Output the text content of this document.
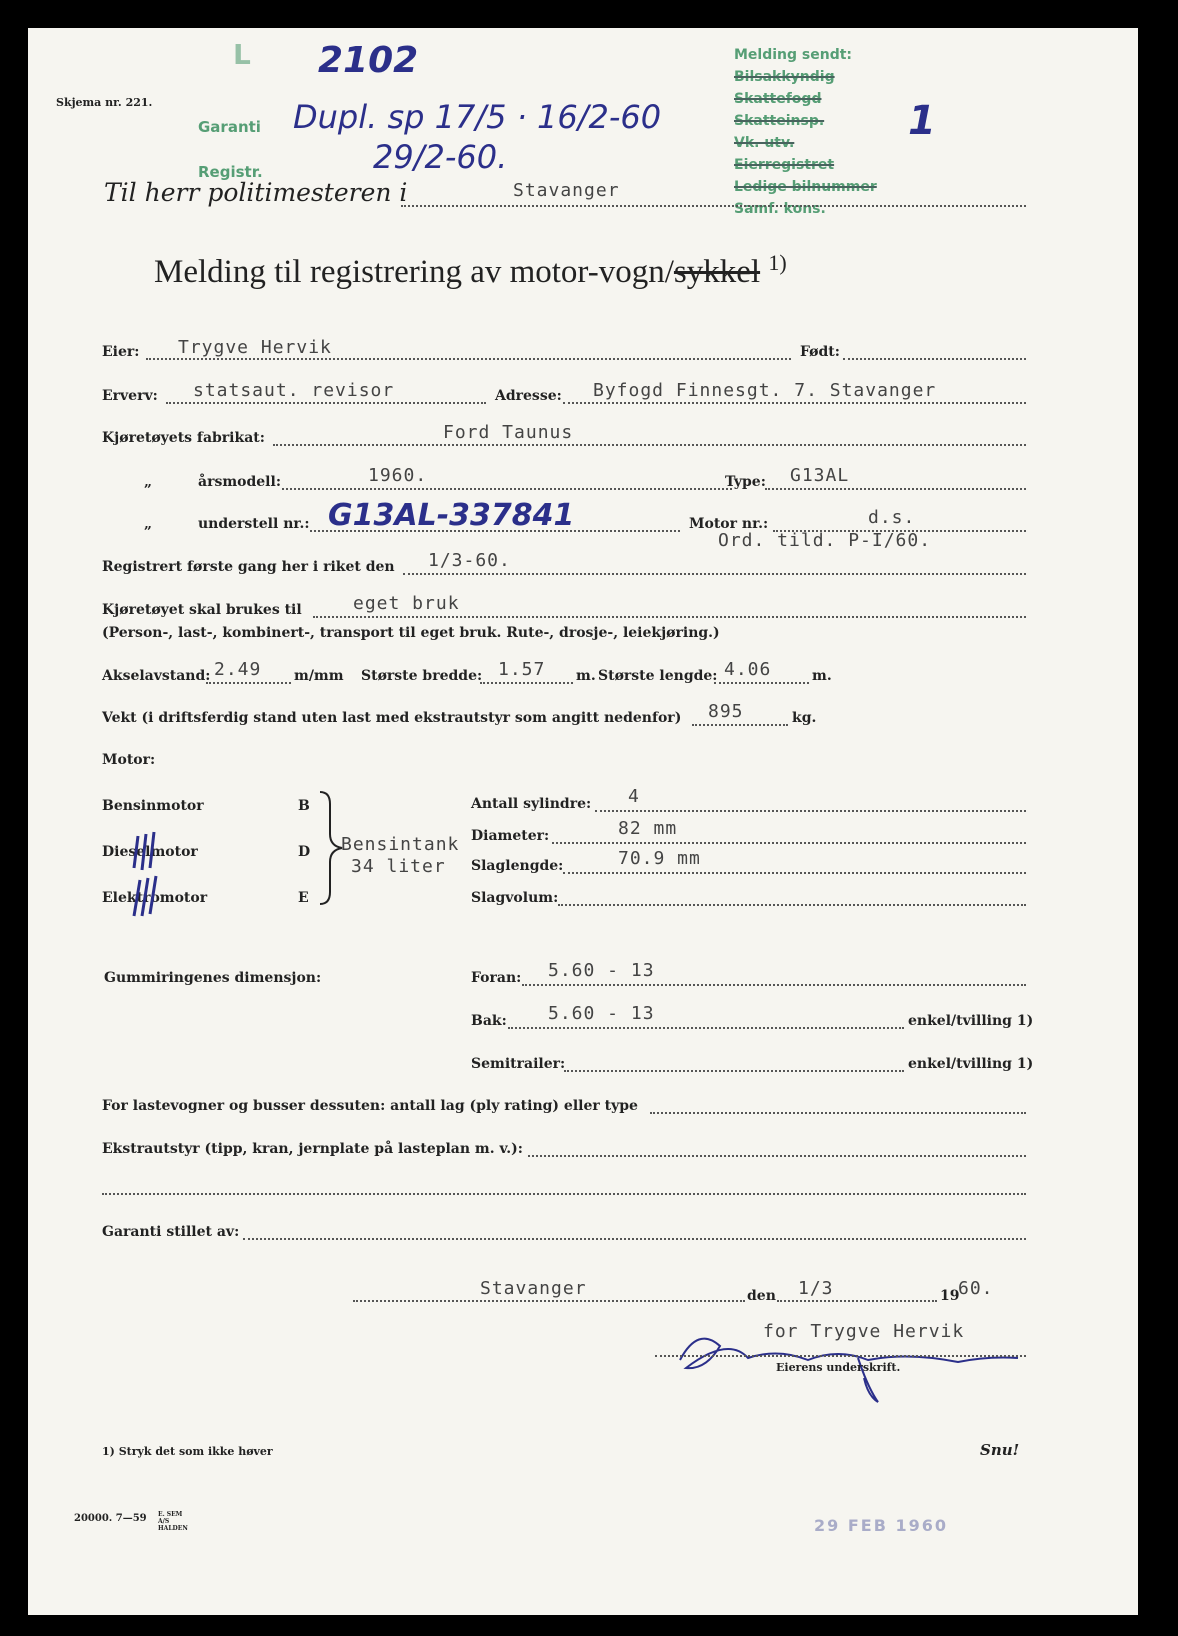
Skjema nr. 221.
L
Garanti
Registr.
2102
Dupl. sp 17/5 · 16/2-60
29/2-60.
1
Melding sendt:
Bilsakkyndig
Skattefogd
Skatteinsp.
Vk. utv.
Eierregistret
Ledige bilnummer
Samf. kons.
Til herr politimesteren i	Stavanger
Melding til registrering av motor-vogn/sykkel $^{1)}$
Eier: Trygve Hervik	Født:
Erverv: statsaut. revisor	Adresse: Byfogd Finnesgt. 7. Stavanger
Kjøretøyets fabrikat:	Ford Taunus
„	årsmodell:	1960.	Type: G13AL
„	understell nr.: G13AL-337841	Motor nr.:	d.s.
Ord. tild. P-I/60.
Registrert første gang her i riket den 1/3-60.
Kjøretøyet skal brukes til	eget bruk
(Person-, last-, kombinert-, transport til eget bruk. Rute-, drosje-, leiekjøring.)
Akselavstand: 2.49 m/mm Største bredde: 1.57 m. Største lengde: 4.06	m.
Vekt (i driftsferdig stand uten last med ekstrautstyr som angitt nedenfor) 895	kg.
Motor:
Bensinmotor	B
Dieselmotor	D
Elektromotor	E
Bensintank
34 liter
Antall sylindre: 4
Diameter:	82 mm
Slaglengde:	70.9 mm
Slagvolum:
Gummiringenes dimensjon:	Foran: 5.60 - 13
Bak: 5.60 - 13	enkel/tvilling 1)
Semitrailer:	enkel/tvilling 1)
For lastevogner og busser dessuten: antall lag (ply rating) eller type
Ekstrautstyr (tipp, kran, jernplate på lasteplan m. v.):
Garanti stillet av:
Stavanger	den 1/3	19
60.
for Trygve Hervik
Eierens underskrift.
1) Stryk det som ikke høver	Snu!
20000. 7—59 E. SEM A/S HALDEN	29 FEB 1960
